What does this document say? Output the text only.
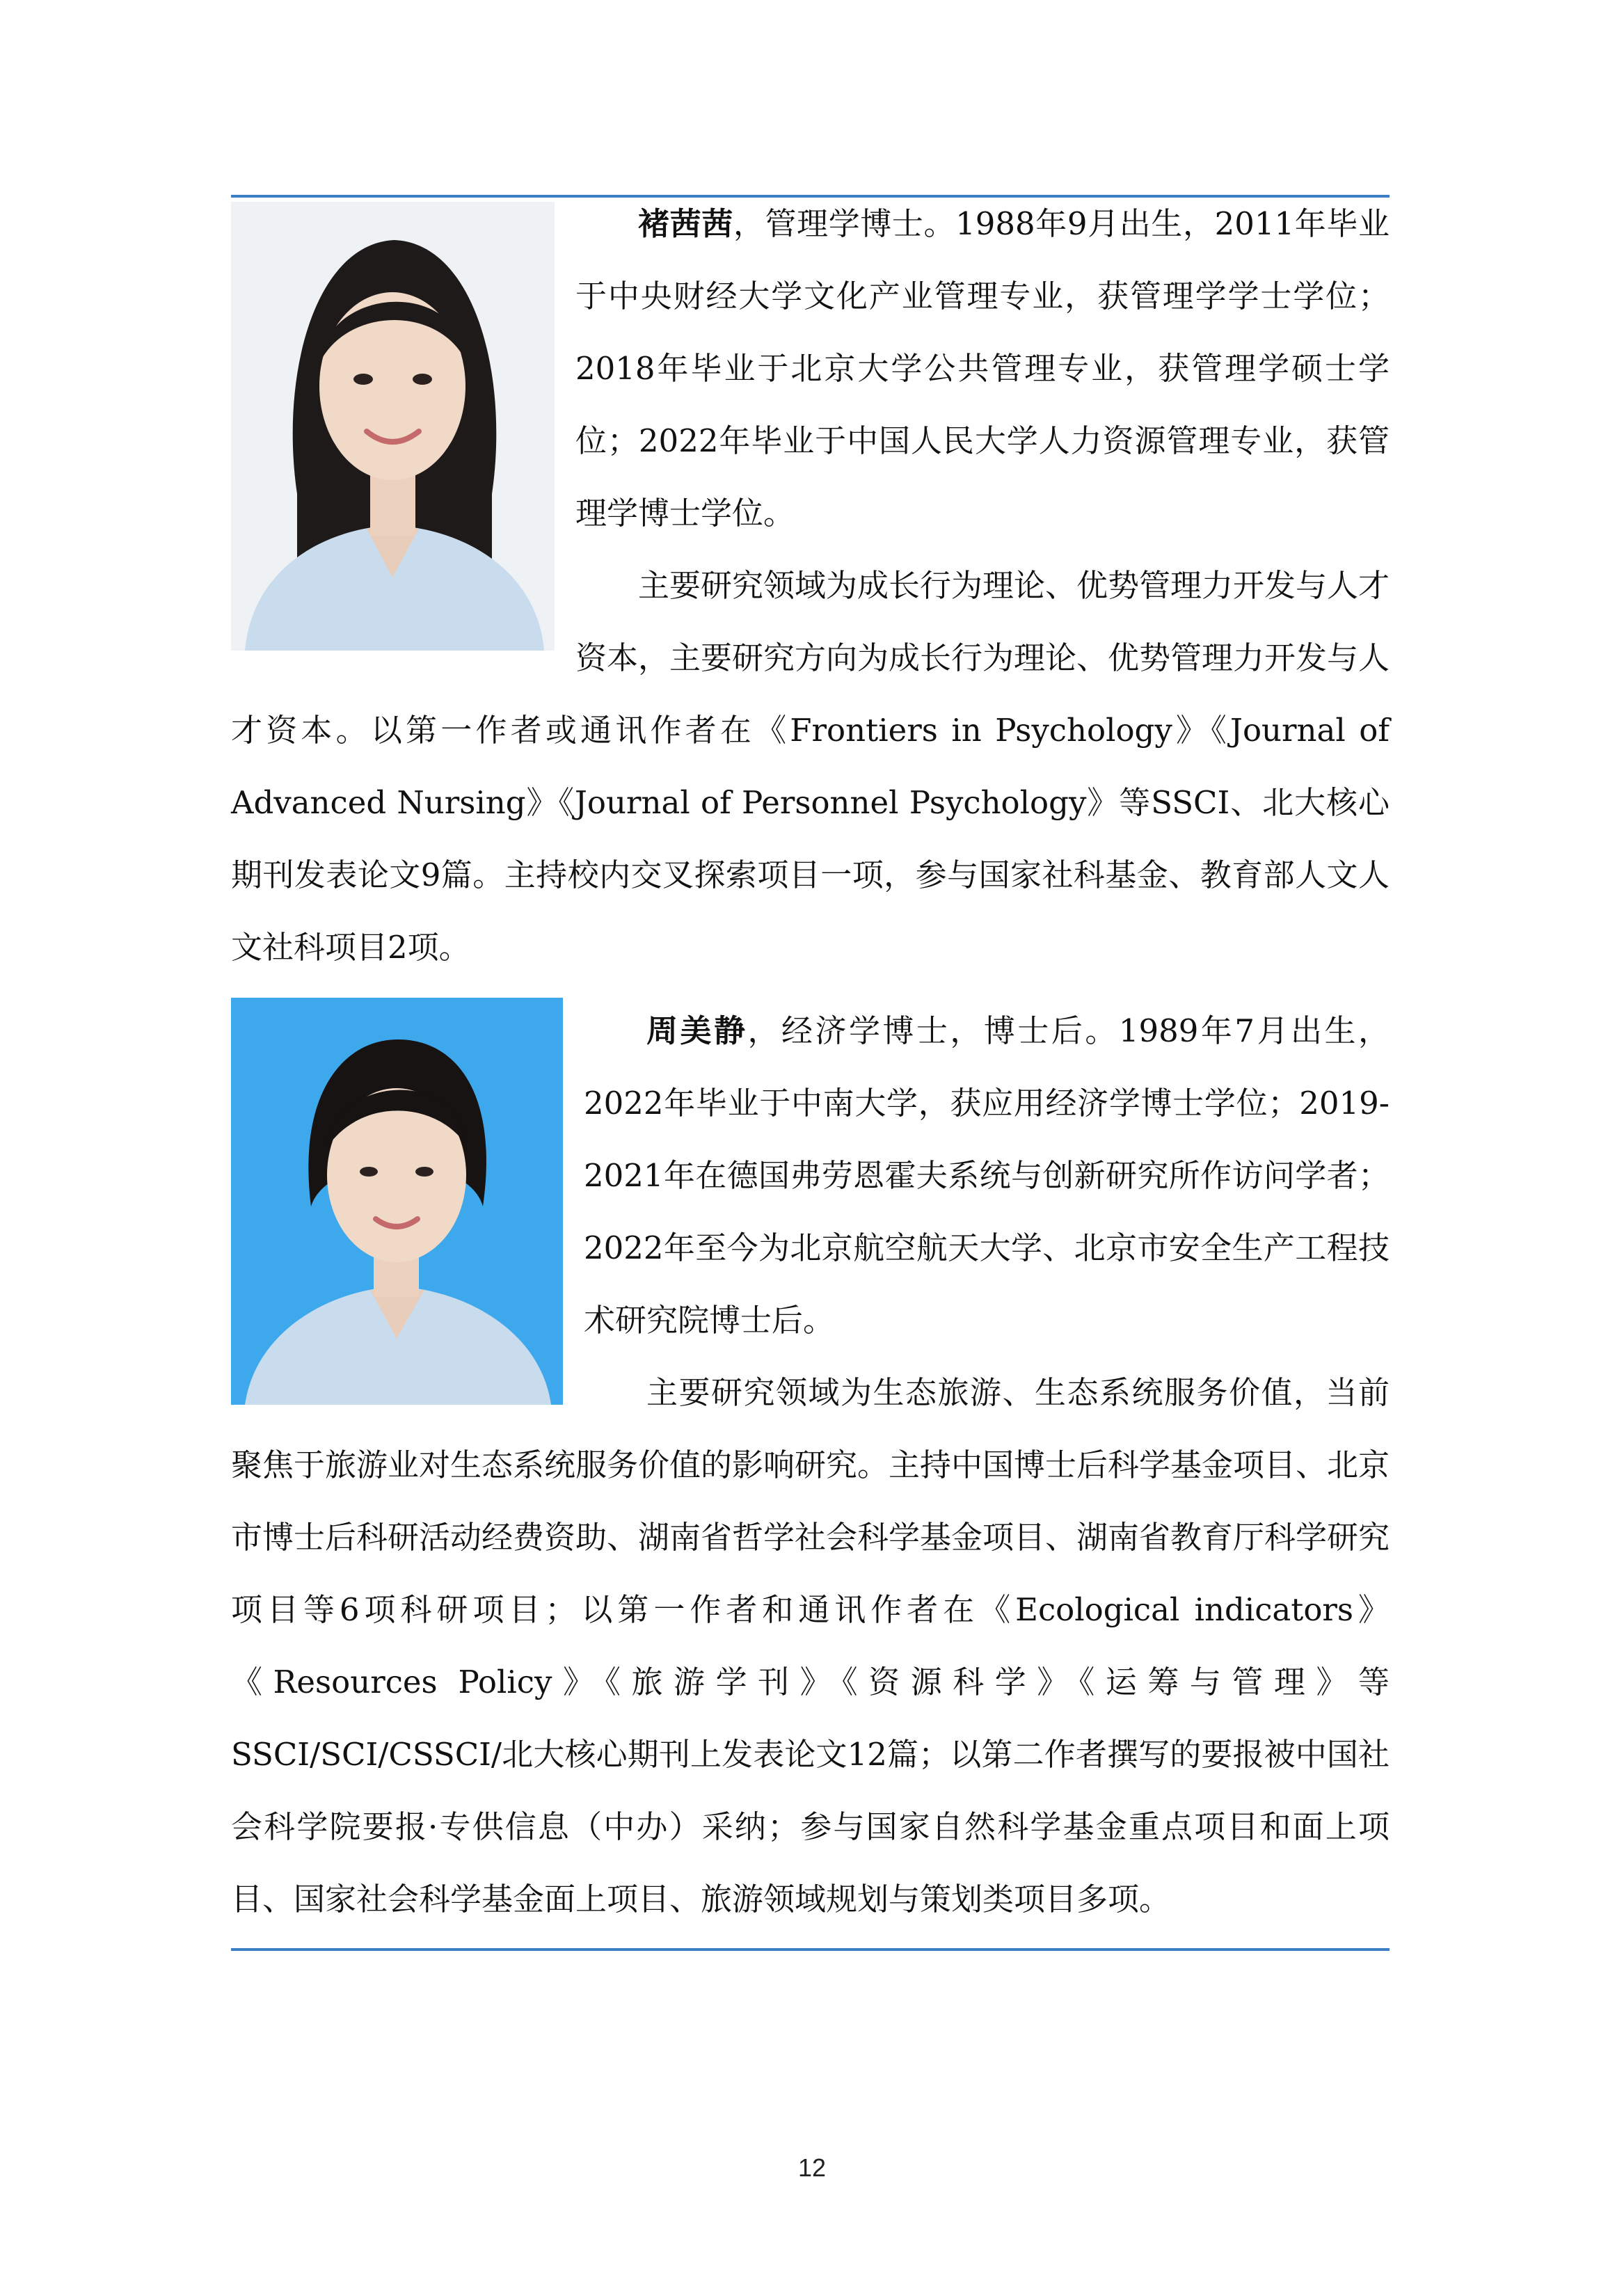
褚茜茜，管理学博士。1988年9月出生，2011年毕业于中央财经大学文化产业管理专业，获管理学学士学位；2018年毕业于北京大学公共管理专业，获管理学硕士学位；2022年毕业于中国人民大学人力资源管理专业，获管理学博士学位。

主要研究领域为成长行为理论、优势管理力开发与人才资本，主要研究方向为成长行为理论、优势管理力开发与人才资本。以第一作者或通讯作者在《Frontiers in Psychology》《Journal of Advanced Nursing》《Journal of Personnel Psychology》等SSCI、北大核心期刊发表论文9篇。主持校内交叉探索项目一项，参与国家社科基金、教育部人文人文社科项目2项。

周美静，经济学博士，博士后。1989年7月出生，2022年毕业于中南大学，获应用经济学博士学位；2019-2021年在德国弗劳恩霍夫系统与创新研究所作访问学者；2022年至今为北京航空航天大学、北京市安全生产工程技术研究院博士后。

主要研究领域为生态旅游、生态系统服务价值，当前聚焦于旅游业对生态系统服务价值的影响研究。主持中国博士后科学基金项目、北京市博士后科研活动经费资助、湖南省哲学社会科学基金项目、湖南省教育厅科学研究项目等6项科研项目；以第一作者和通讯作者在《Ecological indicators》《Resources Policy》《旅游学刊》《资源科学》《运筹与管理》等SSCI/SCI/CSSCI/北大核心期刊上发表论文12篇；以第二作者撰写的要报被中国社会科学院要报·专供信息（中办）采纳；参与国家自然科学基金重点项目和面上项目、国家社会科学基金面上项目、旅游领域规划与策划类项目多项。

12
